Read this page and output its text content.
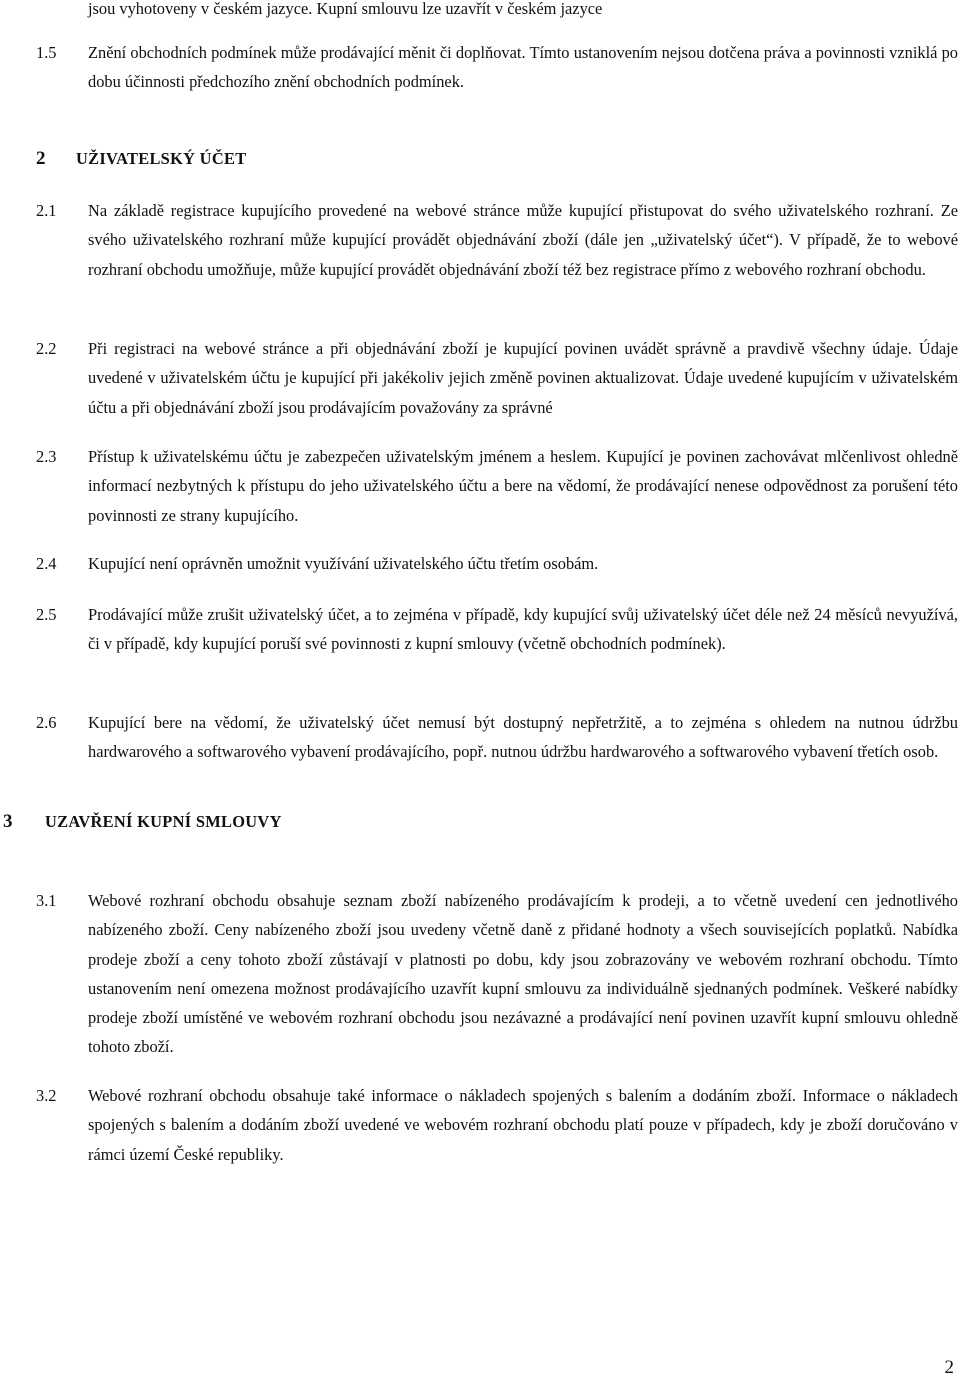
jsou vyhotoveny v českém jazyce. Kupní smlouvu lze uzavřít v českém jazyce

1.5	Znění obchodních podmínek může prodávající měnit či doplňovat. Tímto ustanovením nejsou dotčena práva a povinnosti vzniklá po dobu účinnosti předchozího znění obchodních podmínek.
2	UŽIVATELSKÝ ÚČET
2.1	Na základě registrace kupujícího provedené na webové stránce může kupující přistupovat do svého uživatelského rozhraní. Ze svého uživatelského rozhraní může kupující provádět objednávání zboží (dále jen „uživatelský účet“). V případě, že to webové rozhraní obchodu umožňuje, může kupující provádět objednávání zboží též bez registrace přímo z webového rozhraní obchodu.
2.2	Při registraci na webové stránce a při objednávání zboží je kupující povinen uvádět správně a pravdivě všechny údaje. Údaje uvedené v uživatelském účtu je kupující při jakékoliv jejich změně povinen aktualizovat. Údaje uvedené kupujícím v uživatelském účtu a při objednávání zboží jsou prodávajícím považovány za správné
2.3	Přístup k uživatelskému účtu je zabezpečen uživatelským jménem a heslem. Kupující je povinen zachovávat mlčenlivost ohledně informací nezbytných k přístupu do jeho uživatelského účtu a bere na vědomí, že prodávající nenese odpovědnost za porušení této povinnosti ze strany kupujícího.
2.4	Kupující není oprávněn umožnit využívání uživatelského účtu třetím osobám.
2.5	Prodávající může zrušit uživatelský účet, a to zejména v případě, kdy kupující svůj uživatelský účet déle než 24 měsíců nevyužívá, či v případě, kdy kupující poruší své povinnosti z kupní smlouvy (včetně obchodních podmínek).
2.6	Kupující bere na vědomí, že uživatelský účet nemusí být dostupný nepřetržitě, a to zejména s ohledem na nutnou údržbu hardwarového a softwarového vybavení prodávajícího, popř. nutnou údržbu hardwarového a softwarového vybavení třetích osob.
3	UZAVŘENÍ KUPNÍ SMLOUVY
3.1	Webové rozhraní obchodu obsahuje seznam zboží nabízeného prodávajícím k prodeji, a to včetně uvedení cen jednotlivého nabízeného zboží. Ceny nabízeného zboží jsou uvedeny včetně daně z přidané hodnoty a všech souvisejících poplatků. Nabídka prodeje zboží a ceny tohoto zboží zůstávají v platnosti po dobu, kdy jsou zobrazovány ve webovém rozhraní obchodu. Tímto ustanovením není omezena možnost prodávajícího uzavřít kupní smlouvu za individuálně sjednaných podmínek. Veškeré nabídky prodeje zboží umístěné ve webovém rozhraní obchodu jsou nezávazné a prodávající není povinen uzavřít kupní smlouvu ohledně tohoto zboží.
3.2	Webové rozhraní obchodu obsahuje také informace o nákladech spojených s balením a dodáním zboží. Informace o nákladech spojených s balením a dodáním zboží uvedené ve webovém rozhraní obchodu platí pouze v případech, kdy je zboží doručováno v rámci území České republiky.

2
